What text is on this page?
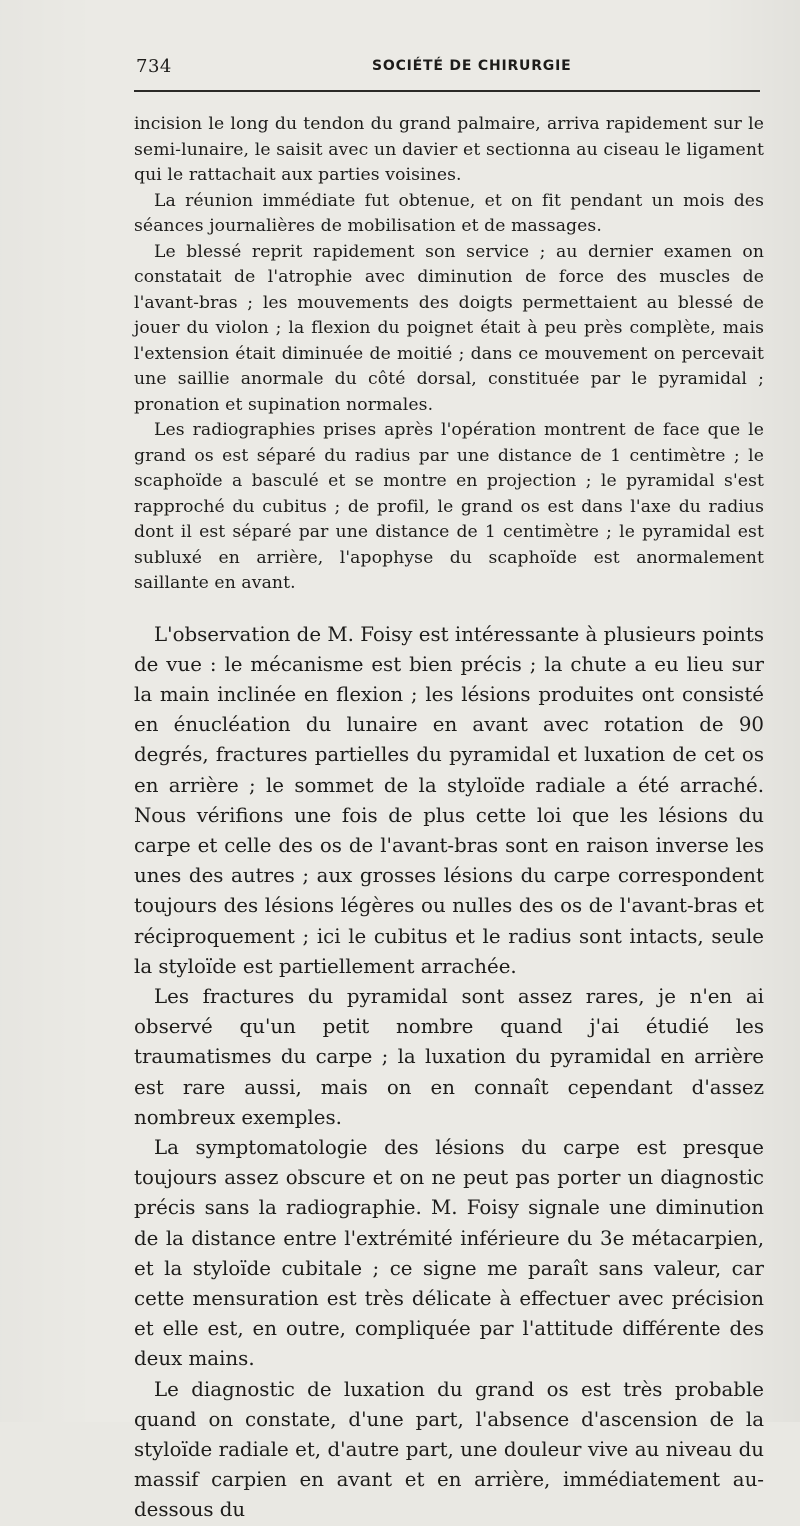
734	SOCIÉTÉ DE CHIRURGIE

incision le long du tendon du grand palmaire, arriva rapidement sur le semi-lunaire, le saisit avec un davier et sectionna au ciseau le ligament qui le rattachait aux parties voisines.

La réunion immédiate fut obtenue, et on fit pendant un mois des séances journalières de mobilisation et de massages.

Le blessé reprit rapidement son service ; au dernier examen on constatait de l'atrophie avec diminution de force des muscles de l'avant-bras ; les mouvements des doigts permettaient au blessé de jouer du violon ; la flexion du poignet était à peu près complète, mais l'extension était diminuée de moitié ; dans ce mouvement on percevait une saillie anormale du côté dorsal, constituée par le pyramidal ; pronation et supination normales.

Les radiographies prises après l'opération montrent de face que le grand os est séparé du radius par une distance de 1 centimètre ; le scaphoïde a basculé et se montre en projection ; le pyramidal s'est rapproché du cubitus ; de profil, le grand os est dans l'axe du radius dont il est séparé par une distance de 1 centimètre ; le pyramidal est subluxé en arrière, l'apophyse du scaphoïde est anormalement saillante en avant.

L'observation de M. Foisy est intéressante à plusieurs points de vue : le mécanisme est bien précis ; la chute a eu lieu sur la main inclinée en flexion ; les lésions produites ont consisté en énucléation du lunaire en avant avec rotation de 90 degrés, fractures partielles du pyramidal et luxation de cet os en arrière ; le sommet de la styloïde radiale a été arraché. Nous vérifions une fois de plus cette loi que les lésions du carpe et celle des os de l'avant-bras sont en raison inverse les unes des autres ; aux grosses lésions du carpe correspondent toujours des lésions légères ou nulles des os de l'avant-bras et réciproquement ; ici le cubitus et le radius sont intacts, seule la styloïde est partiellement arrachée.

Les fractures du pyramidal sont assez rares, je n'en ai observé qu'un petit nombre quand j'ai étudié les traumatismes du carpe ; la luxation du pyramidal en arrière est rare aussi, mais on en connaît cependant d'assez nombreux exemples.

La symptomatologie des lésions du carpe est presque toujours assez obscure et on ne peut pas porter un diagnostic précis sans la radiographie. M. Foisy signale une diminution de la distance entre l'extrémité inférieure du 3e métacarpien, et la styloïde cubitale ; ce signe me paraît sans valeur, car cette mensuration est très délicate à effectuer avec précision et elle est, en outre, compliquée par l'attitude différente des deux mains.

Le diagnostic de luxation du grand os est très probable quand on constate, d'une part, l'absence d'ascension de la styloïde radiale et, d'autre part, une douleur vive au niveau du massif carpien en avant et en arrière, immédiatement au-dessous du
